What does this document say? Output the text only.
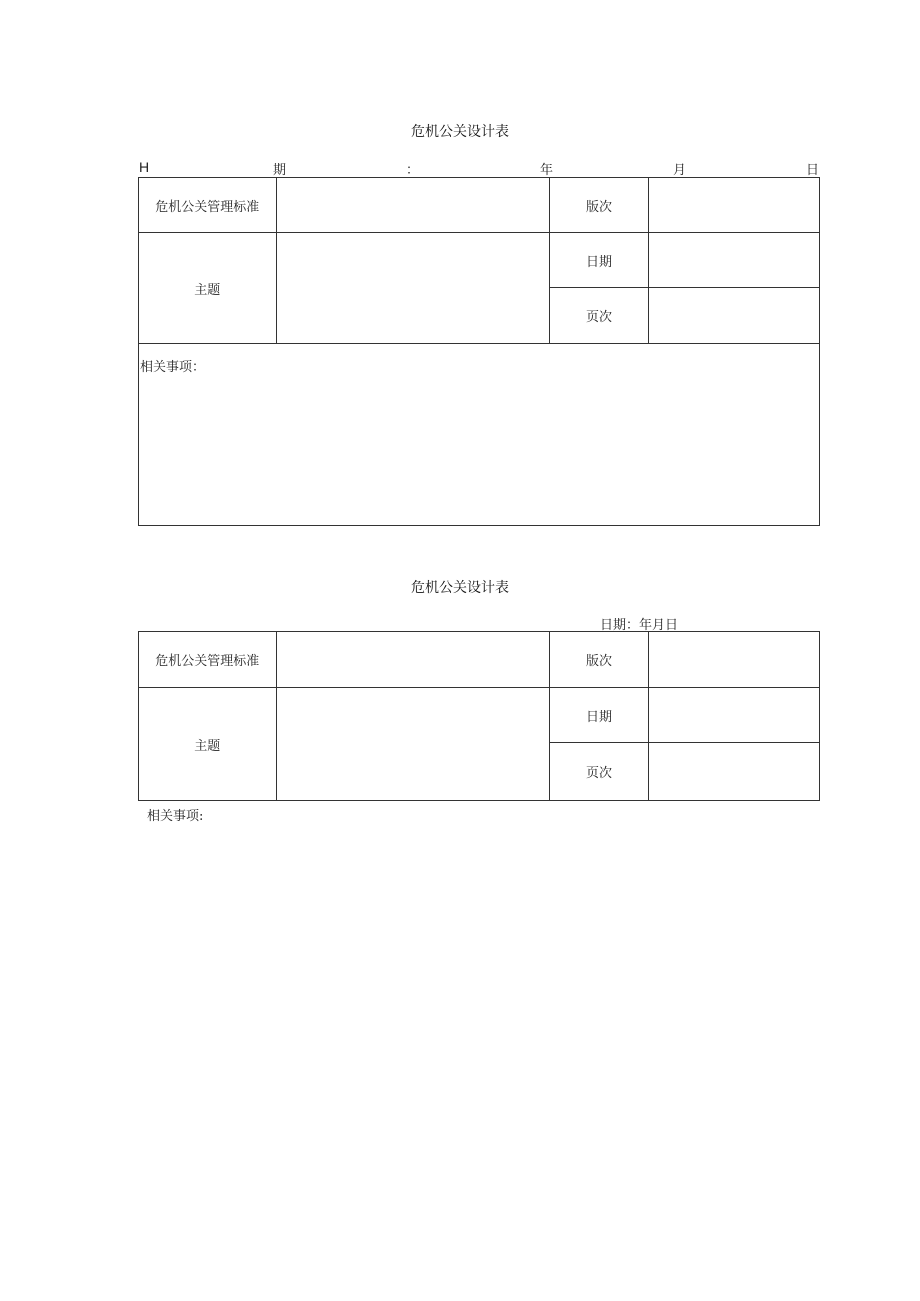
危机公关设计表
H	期	：	年	月	日
危机公关管理标准		版次	
主题		日期	
		页次	
相关事项：			
危机公关设计表
日期：年月日
危机公关管理标准		版次	
主题		日期	
		页次	
相关事项:
